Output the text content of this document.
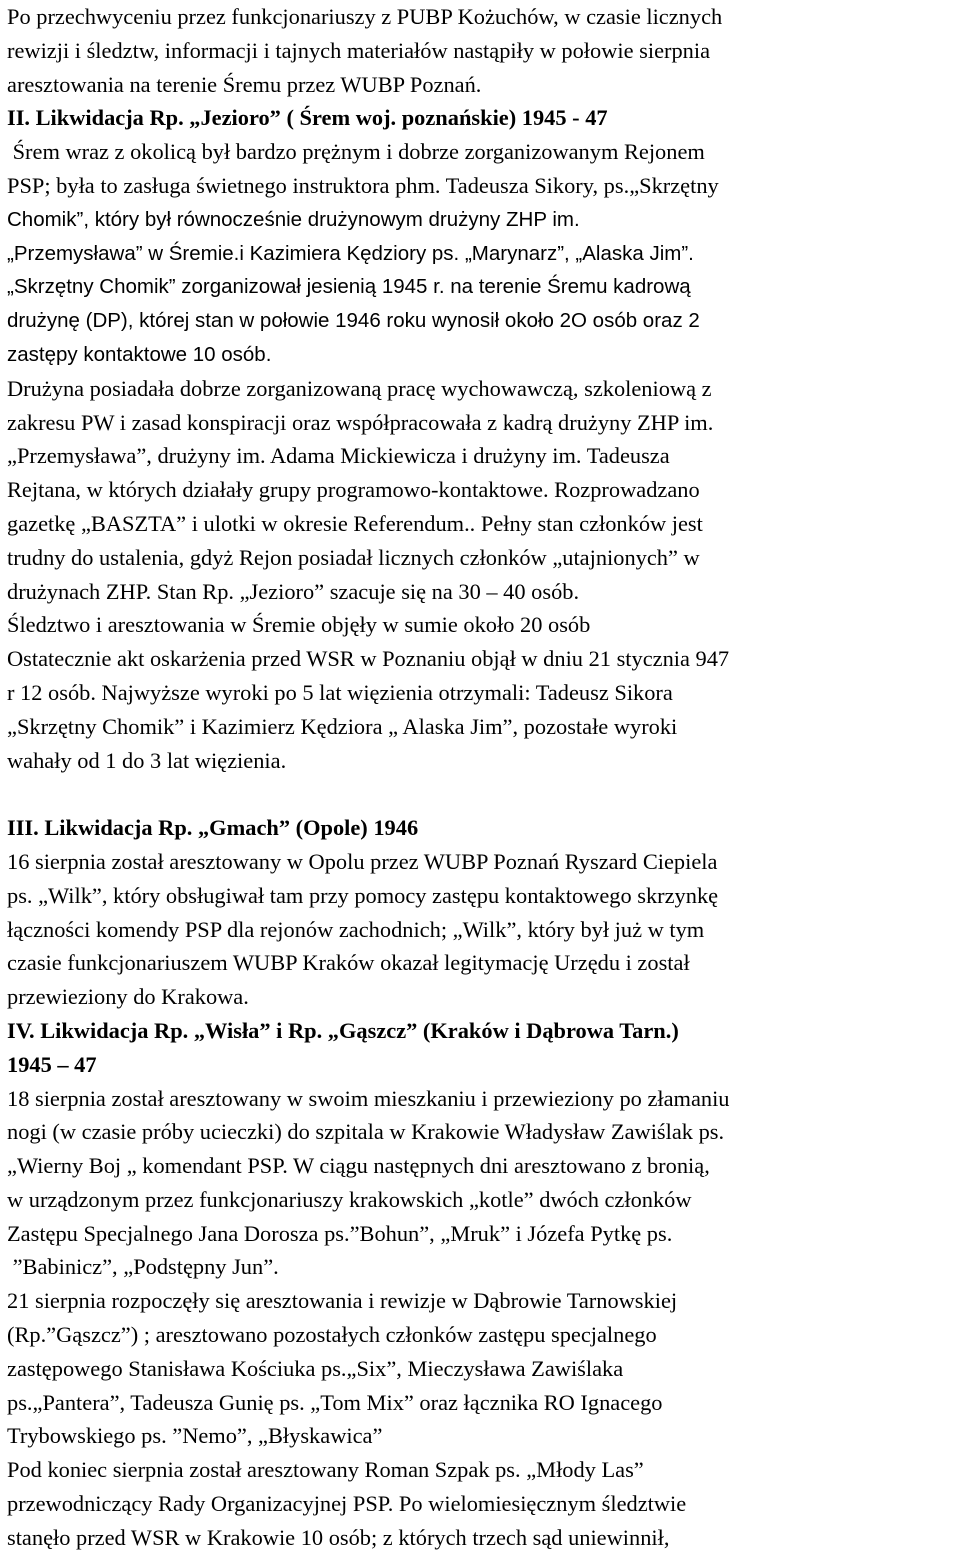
Po przechwyceniu przez funkcjonariuszy z PUBP Kożuchów, w czasie licznych
rewizji i śledztw, informacji i tajnych materiałów nastąpiły w połowie sierpnia
aresztowania na terenie Śremu przez WUBP Poznań.
II. Likwidacja Rp. „Jezioro” ( Śrem woj. poznańskie) 1945 - 47
Śrem wraz z okolicą był bardzo prężnym i dobrze zorganizowanym Rejonem
PSP; była to zasługa świetnego instruktora phm. Tadeusza Sikory, ps.„Skrzętny
Chomik”, który był równocześnie drużynowym drużyny ZHP im.
„Przemysława” w Śremie.i Kazimiera Kędziory ps. „Marynarz”, „Alaska Jim”.
„Skrzętny Chomik” zorganizował jesienią 1945 r. na terenie Śremu kadrową
drużynę (DP), której stan w połowie 1946 roku wynosił około 2O osób oraz 2
zastępy kontaktowe 10 osób.
Drużyna posiadała dobrze zorganizowaną pracę wychowawczą, szkoleniową z
zakresu PW i zasad konspiracji oraz współpracowała z kadrą drużyny ZHP im.
„Przemysława”, drużyny im. Adama Mickiewicza i drużyny im. Tadeusza
Rejtana, w których działały grupy programowo-kontaktowe. Rozprowadzano
gazetkę „BASZTA” i ulotki w okresie Referendum.. Pełny stan członków jest
trudny do ustalenia, gdyż Rejon posiadał licznych członków „utajnionych” w
drużynach ZHP. Stan Rp. „Jezioro” szacuje się na 30 – 40 osób.
Śledztwo i aresztowania w Śremie objęły w sumie około 20 osób
Ostatecznie akt oskarżenia przed WSR w Poznaniu objął w dniu 21 stycznia 947
r 12 osób. Najwyższe wyroki po 5 lat więzienia otrzymali: Tadeusz Sikora
„Skrzętny Chomik” i Kazimierz Kędziora „ Alaska Jim”, pozostałe wyroki
wahały od 1 do 3 lat więzienia.
III. Likwidacja Rp. „Gmach” (Opole) 1946
16 sierpnia został aresztowany w Opolu przez WUBP Poznań Ryszard Ciepiela
ps. „Wilk”, który obsługiwał tam przy pomocy zastępu kontaktowego skrzynkę
łączności komendy PSP dla rejonów zachodnich; „Wilk”, który był już w tym
czasie funkcjonariuszem WUBP Kraków okazał legitymację Urzędu i został
przewieziony do Krakowa.
IV. Likwidacja Rp. „Wisła” i Rp. „Gąszcz” (Kraków i Dąbrowa Tarn.)
1945 – 47
18 sierpnia został aresztowany w swoim mieszkaniu i przewieziony po złamaniu
nogi (w czasie próby ucieczki) do szpitala w Krakowie Władysław Zawiślak ps.
„Wierny Boj „ komendant PSP. W ciągu następnych dni aresztowano z bronią,
w urządzonym przez funkcjonariuszy krakowskich „kotle” dwóch członków
Zastępu Specjalnego Jana Dorosza ps.”Bohun”, „Mruk” i Józefa Pytkę ps.
”Babinicz”, „Podstępny Jun”.
21 sierpnia rozpoczęły się aresztowania i rewizje w Dąbrowie Tarnowskiej
(Rp.”Gąszcz”) ; aresztowano pozostałych członków zastępu specjalnego
zastępowego Stanisława Kościuka ps.„Six”, Mieczysława Zawiślaka
ps.„Pantera”, Tadeusza Gunię ps. „Tom Mix” oraz łącznika RO Ignacego
Trybowskiego ps. ”Nemo”, „Błyskawica”
Pod koniec sierpnia został aresztowany Roman Szpak ps. „Młody Las”
przewodniczący Rady Organizacyjnej PSP. Po wielomiesięcznym śledztwie
stanęło przed WSR w Krakowie 10 osób; z których trzech sąd uniewinnił,
